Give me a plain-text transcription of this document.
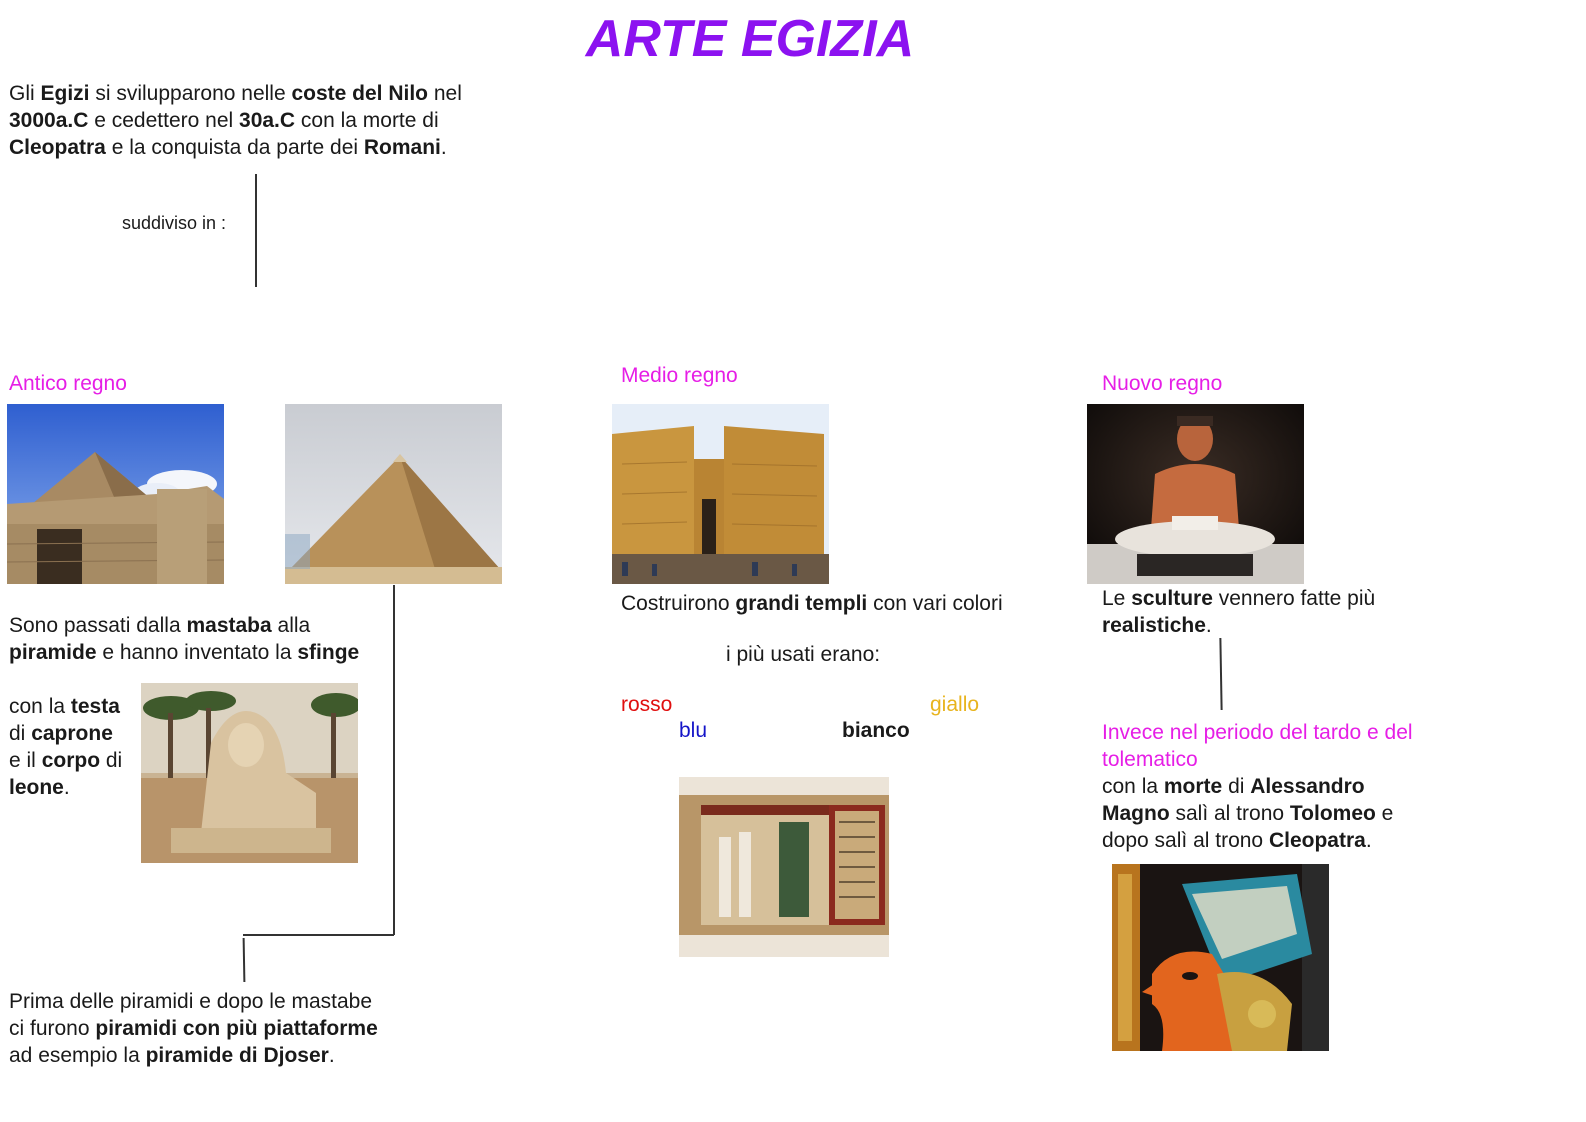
ARTE EGIZIA
Gli Egizi si svilupparono nelle coste del Nilo nel
3000a.C e cedettero nel 30a.C con la morte di
Cleopatra e la conquista da parte dei Romani.
suddiviso in :
Antico regno
Sono passati dalla mastaba alla
piramide e hanno inventato la sfinge
con la testa
di caprone
e il corpo di
leone.
Prima delle piramidi e dopo le mastabe
ci furono piramidi con più piattaforme
ad esempio la piramide di Djoser.
Medio regno
Costruirono grandi templi con vari colori
i più usati erano:
rosso	giallo
blu	bianco
Nuovo regno
Le sculture vennero fatte più
realistiche.
Invece nel periodo del tardo e del
tolematico
con la morte di Alessandro
Magno salì al trono Tolomeo e
dopo salì al trono Cleopatra.
